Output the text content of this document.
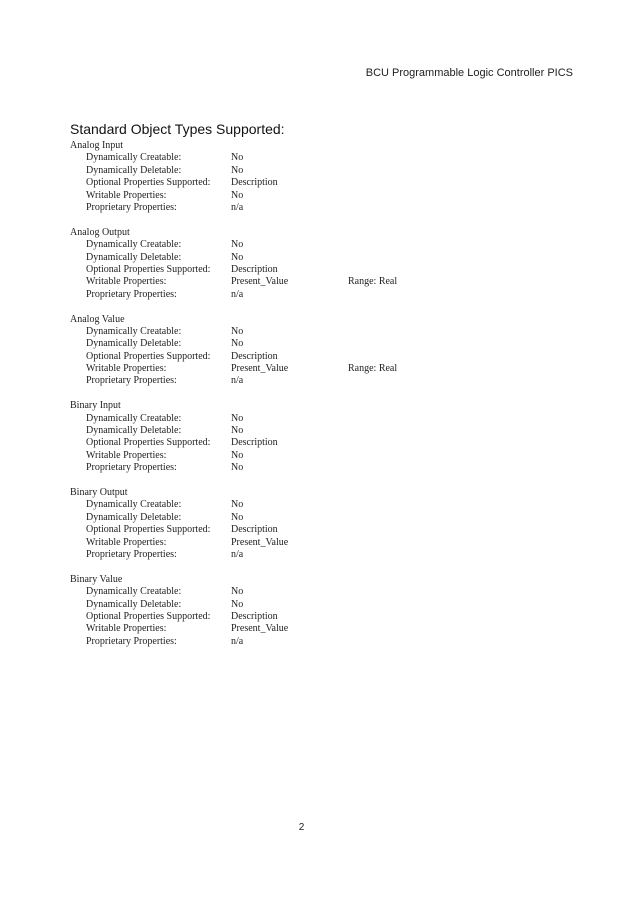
BCU Programmable Logic Controller PICS
Standard Object Types Supported:
Analog Input
Dynamically Creatable:	No
Dynamically Deletable:	No
Optional Properties Supported: Description
Writable Properties:	No
Proprietary Properties:	n/a
Analog Output
Dynamically Creatable:	No
Dynamically Deletable:	No
Optional Properties Supported: Description
Writable Properties:	Present_Value	Range: Real
Proprietary Properties:	n/a
Analog Value
Dynamically Creatable:	No
Dynamically Deletable:	No
Optional Properties Supported: Description
Writable Properties:	Present_Value	Range: Real
Proprietary Properties:	n/a
Binary Input
Dynamically Creatable:	No
Dynamically Deletable:	No
Optional Properties Supported: Description
Writable Properties:	No
Proprietary Properties:	No
Binary Output
Dynamically Creatable:	No
Dynamically Deletable:	No
Optional Properties Supported: Description
Writable Properties:	Present_Value
Proprietary Properties:	n/a
Binary Value
Dynamically Creatable:	No
Dynamically Deletable:	No
Optional Properties Supported: Description
Writable Properties:	Present_Value
Proprietary Properties:	n/a
2
